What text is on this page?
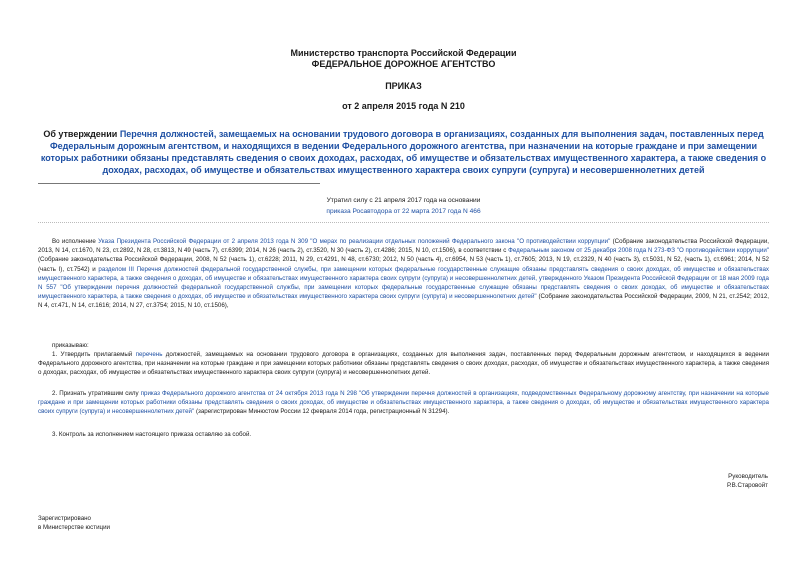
Министерство транспорта Российской Федерации
ФЕДЕРАЛЬНОЕ ДОРОЖНОЕ АГЕНТСТВО
ПРИКАЗ
от 2 апреля 2015 года N 210
Об утверждении Перечня должностей, замещаемых на основании трудового договора в организациях, созданных для выполнения задач, поставленных перед Федеральным дорожным агентством, и находящихся в ведении Федерального дорожного агентства, при назначении на которые граждане и при замещении которых работники обязаны представлять сведения о своих доходах, расходах, об имуществе и обязательствах имущественного характера, а также сведения о доходах, расходах, об имуществе и обязательствах имущественного характера своих супруги (супруга) и несовершеннолетних детей
Утратил силу с 21 апреля 2017 года на основании
приказа Росавтодора от 22 марта 2017 года N 466
Во исполнение Указа Президента Российской Федерации от 2 апреля 2013 года N 309 "О мерах по реализации отдельных положений Федерального закона "О противодействии коррупции" (Собрание законодательства Российской Федерации, 2013, N 14, ст.1670, N 23, ст.2892, N 28, ст.3813, N 49 (часть 7), ст.6399; 2014, N 26 (часть 2), ст.3520, N 30 (часть 2), ст.4286; 2015, N 10, ст.1506), в соответствии с Федеральным законом от 25 декабря 2008 года N 273-ФЗ "О противодействии коррупции" (Собрание законодательства Российской Федерации, 2008, N 52 (часть 1), ст.6228; 2011, N 29, ст.4291, N 48, ст.6730; 2012, N 50 (часть 4), ст.6954, N 53 (часть 1), ст.7605; 2013, N 19, ст.2329, N 40 (часть 3), ст.5031, N 52, (часть 1), ст.6961; 2014, N 52 (часть I), ст.7542) и разделом III Перечня должностей федеральной государственной службы, при замещении которых федеральные государственные служащие обязаны представлять сведения о своих доходах, об имуществе и обязательствах имущественного характера, а также сведения о доходах, об имуществе и обязательствах имущественного характера своих супруги (супруга) и несовершеннолетних детей, утвержденного Указом Президента Российской Федерации от 18 мая 2009 года N 557 "Об утверждении перечня должностей федеральной государственной службы, при замещении которых федеральные государственные служащие обязаны представлять сведения о своих доходах, об имуществе и обязательствах имущественного характера, а также сведения о доходах, об имуществе и обязательствах имущественного характера своих супруги (супруга) и несовершеннолетних детей" (Собрание законодательства Российской Федерации, 2009, N 21, ст.2542; 2012, N 4, ст.471, N 14, ст.1616; 2014, N 27, ст.3754; 2015, N 10, ст.1506),
приказываю:
1. Утвердить прилагаемый перечень должностей, замещаемых на основании трудового договора в организациях, созданных для выполнения задач, поставленных перед Федеральным дорожным агентством, и находящихся в ведении Федерального дорожного агентства, при назначении на которые граждане и при замещении которых работники обязаны представлять сведения о своих доходах, расходах, об имуществе и обязательствах имущественного характера, а также сведения о доходах, расходах, об имуществе и обязательствах имущественного характера своих супруги (супруга) и несовершеннолетних детей.
2. Признать утратившим силу приказ Федерального дорожного агентства от 24 октября 2013 года N 298 "Об утверждении перечня должностей в организациях, подведомственных Федеральному дорожному агентству, при назначении на которые граждане и при замещении которых работники обязаны представлять сведения о своих доходах, об имуществе и обязательствах имущественного характера, а также сведения о доходах, об имуществе и обязательствах имущественного характера своих супруги (супруга) и несовершеннолетних детей" (зарегистрирован Минюстом России 12 февраля 2014 года, регистрационный N 31294).
3. Контроль за исполнением настоящего приказа оставляю за собой.
Руководитель
Р.В.Старовойт
Зарегистрировано
в Министерстве юстиции
